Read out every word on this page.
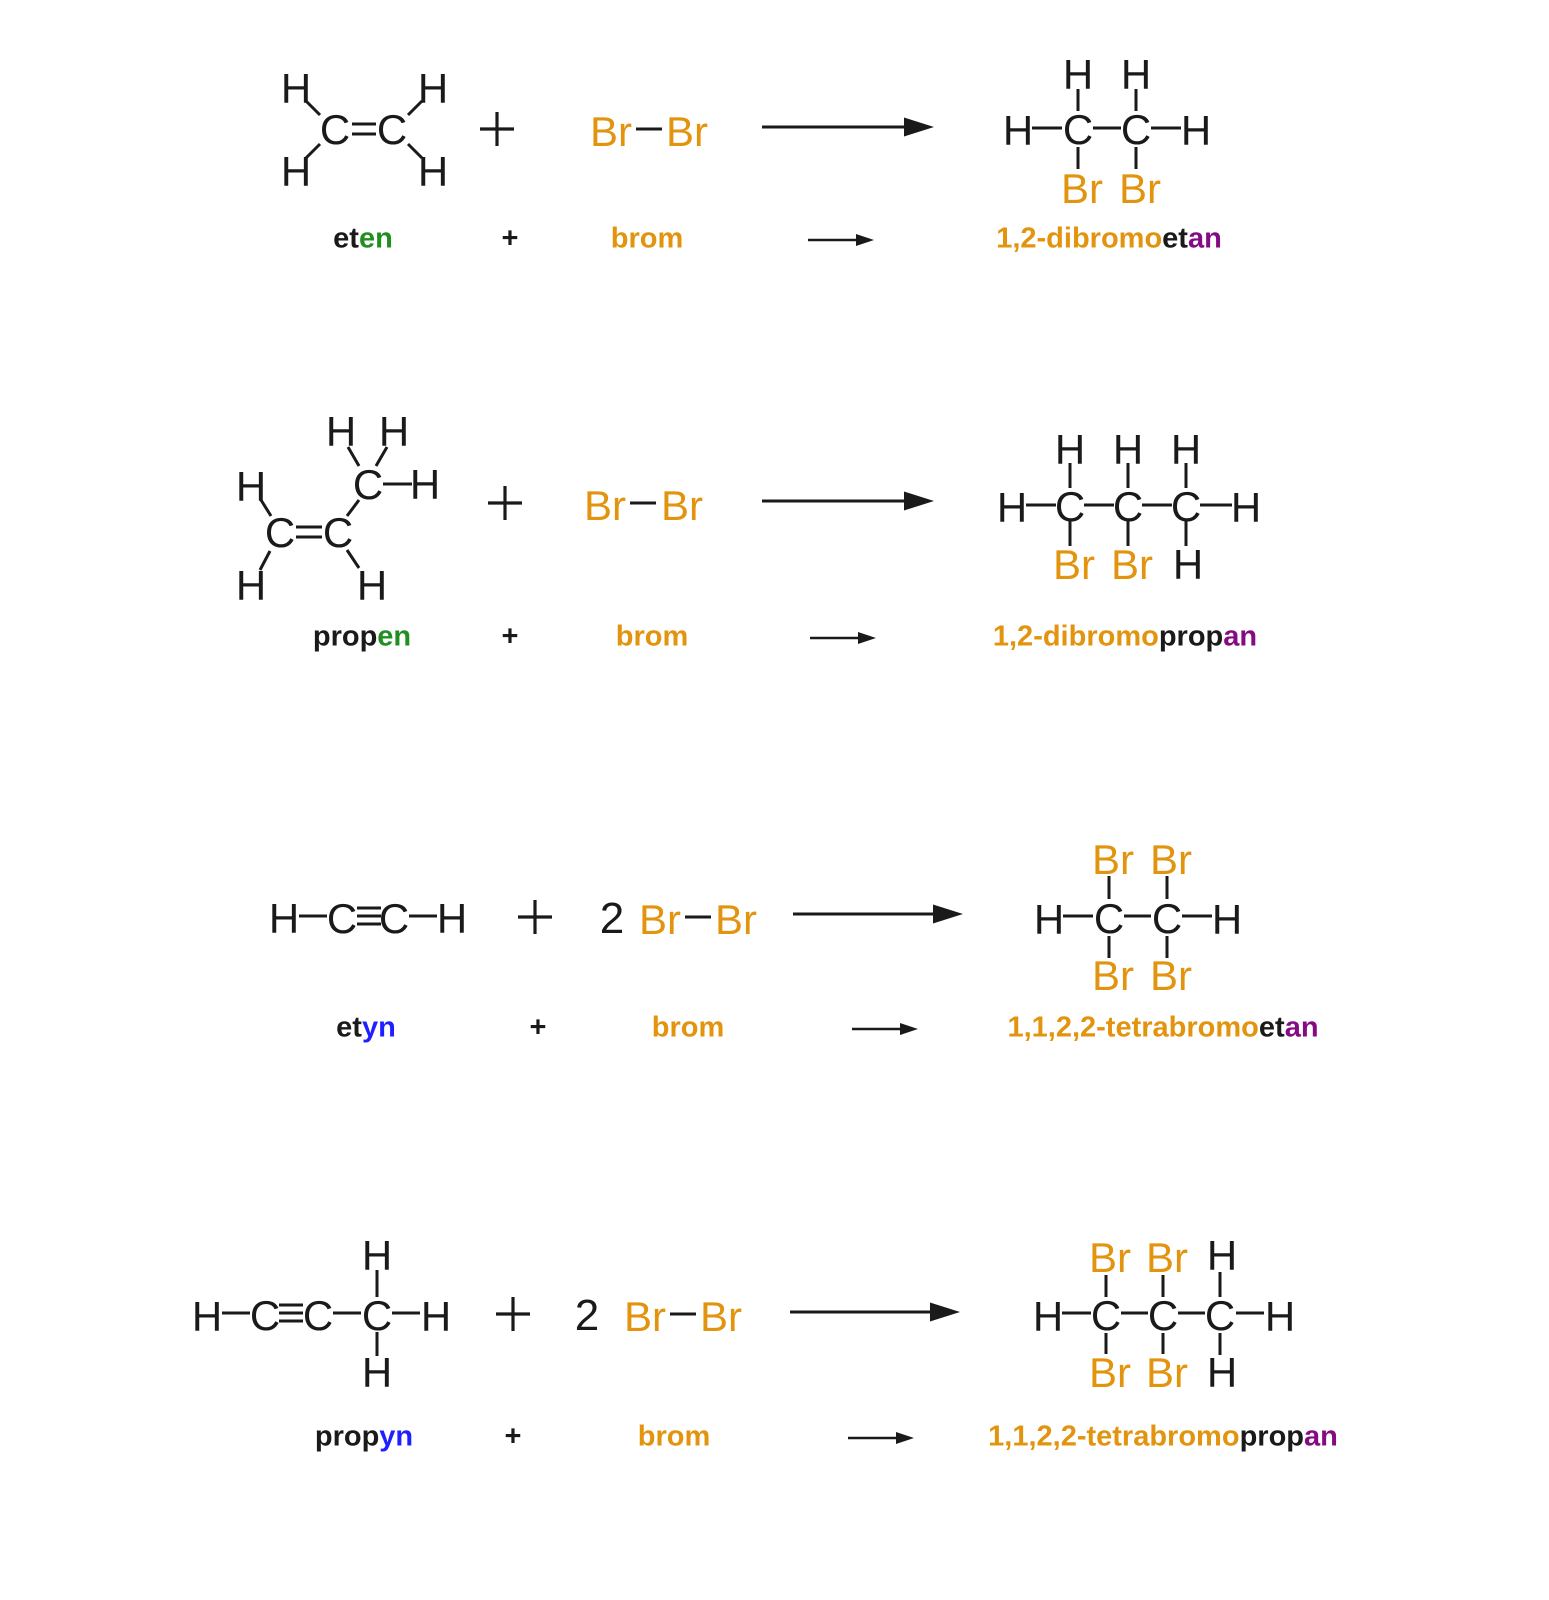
H	H
H	H
C C	Br Br	H C C H
H H
Br Br
H H
C H
H
C C
H H
Br Br	H C C C H
H H H
Br Br H
H C C H	Br Br	H C C H
Br Br
Br Br
2
H C C C H
H
H
Br Br	H C C C H
Br Br H
Br Br H
2
eten	+	brom	1,2-dibromoetan
propen	+	brom	1,2-dibromopropan
etyn	+	brom	1,1,2,2-tetrabromoetan
propyn	+	brom	1,1,2,2-tetrabromopropan
